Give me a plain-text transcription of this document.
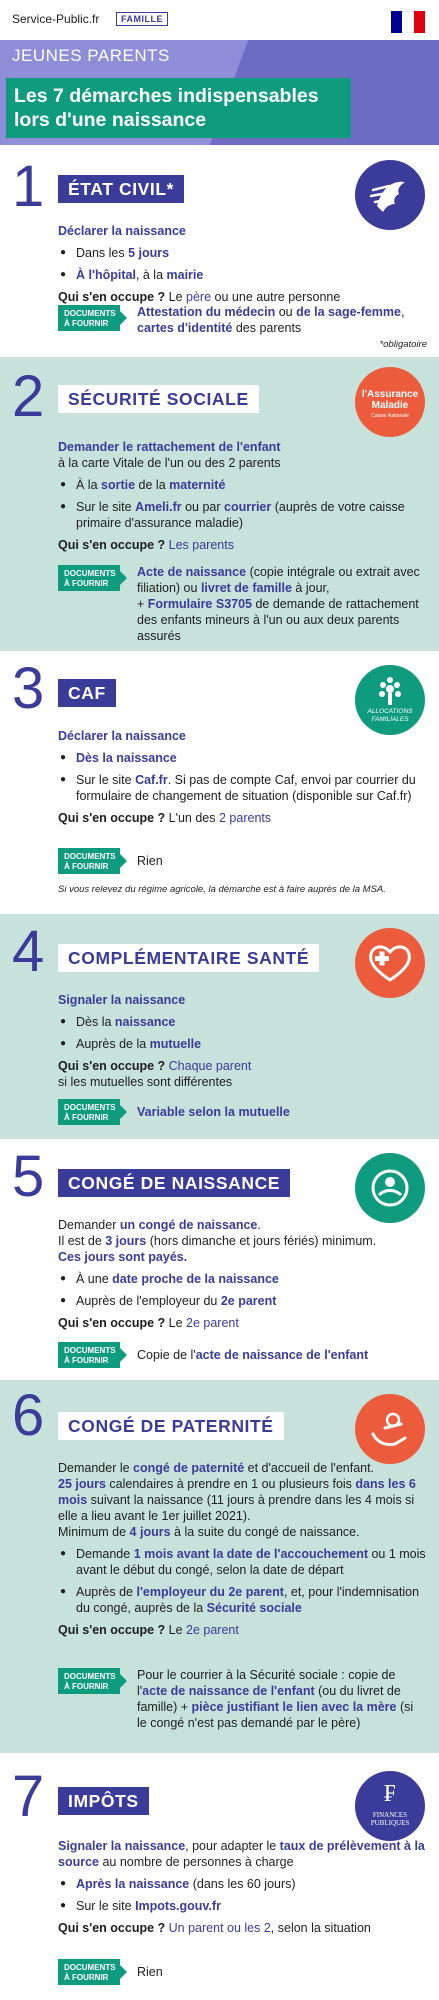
Service-Public.fr	FAMILLE
JEUNES PARENTS
Les 7 démarches indispensables lors d'une naissance
1	ÉTAT CIVIL*

Déclarer la naissance

● Dans les 5 jours

● À l'hôpital, à la mairie

Qui s'en occupe ? Le père ou une autre personne

DOCUMENTS
À FOURNIR
Attestation du médecin ou de la sage-femme, cartes d'identité des parents
*obligatoire
2	SÉCURITÉ SOCIALE	l'Assurance
Maladie
Caisse Nationale

Demander le rattachement de l'enfant
à la carte Vitale de l'un ou des 2 parents

● À la sortie de la maternité

● Sur le site Ameli.fr ou par courrier (auprès de votre caisse primaire d'assurance maladie)

Qui s'en occupe ? Les parents

DOCUMENTS
À FOURNIR
Acte de naissance (copie intégrale ou extrait avec filiation) ou livret de famille à jour,
+ Formulaire S3705 de demande de rattachement des enfants mineurs à l'un ou aux deux parents assurés
3	CAF
ALLOCATIONS
FAMILIALES

Déclarer la naissance

● Dès la naissance

● Sur le site Caf.fr. Si pas de compte Caf, envoi par courrier du formulaire de changement de situation (disponible sur Caf.fr)

Qui s'en occupe ? L'un des 2 parents

DOCUMENTS
À FOURNIR	Rien
Si vous relevez du régime agricole, la démarche est à faire auprès de la MSA.
4	COMPLÉMENTAIRE SANTÉ

Signaler la naissance

● Dès la naissance

● Auprès de la mutuelle

Qui s'en occupe ? Chaque parent
si les mutuelles sont différentes

DOCUMENTS
À FOURNIR	Variable selon la mutuelle
5	CONGÉ DE NAISSANCE

Demander un congé de naissance.
Il est de 3 jours (hors dimanche et jours fériés) minimum.
Ces jours sont payés.

● À une date proche de la naissance

● Auprès de l'employeur du 2e parent

Qui s'en occupe ? Le 2e parent

DOCUMENTS
À FOURNIR	Copie de l'acte de naissance de l'enfant
6	CONGÉ DE PATERNITÉ

Demander le congé de paternité et d'accueil de l'enfant.
25 jours calendaires à prendre en 1 ou plusieurs fois dans les 6 mois suivant la naissance (11 jours à prendre dans les 4 mois si elle a lieu avant le 1er juillet 2021).
Minimum de 4 jours à la suite du congé de naissance.

● Demande 1 mois avant la date de l'accouchement ou 1 mois avant le début du congé, selon la date de départ

● Auprès de l'employeur du 2e parent, et, pour l'indemnisation du congé, auprès de la Sécurité sociale

Qui s'en occupe ? Le 2e parent

DOCUMENTS
À FOURNIR
Pour le courrier à la Sécurité sociale : copie de l'acte de naissance de l'enfant (ou du livret de famille) + pièce justifiant le lien avec la mère (si le congé n'est pas demandé par le père)
7	IMPÔTS	₣
FINANCES
PUBLIQUES

Signaler la naissance, pour adapter le taux de prélèvement à la source au nombre de personnes à charge

● Après la naissance (dans les 60 jours)

● Sur le site Impots.gouv.fr

Qui s'en occupe ? Un parent ou les 2, selon la situation

DOCUMENTS
À FOURNIR	Rien
